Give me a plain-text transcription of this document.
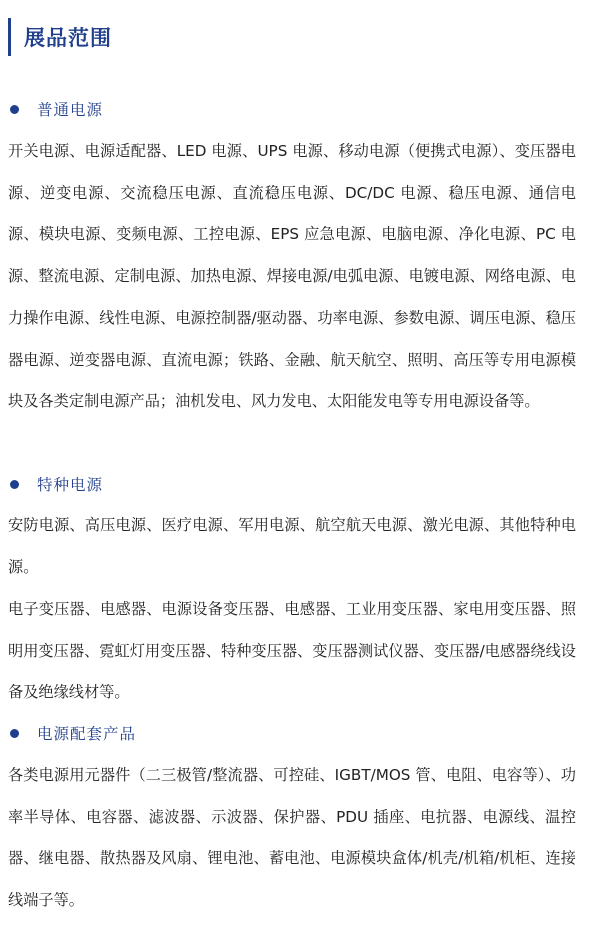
展品范围
普通电源

开关电源、电源适配器、LED 电源、UPS 电源、移动电源（便携式电源）、变压器电源、逆变电源、交流稳压电源、直流稳压电源、DC/DC 电源、稳压电源、通信电源、模块电源、变频电源、工控电源、EPS 应急电源、电脑电源、净化电源、PC 电源、整流电源、定制电源、加热电源、焊接电源/电弧电源、电镀电源、网络电源、电力操作电源、线性电源、电源控制器/驱动器、功率电源、参数电源、调压电源、稳压器电源、逆变器电源、直流电源；铁路、金融、航天航空、照明、高压等专用电源模块及各类定制电源产品；油机发电、风力发电、太阳能发电等专用电源设备等。

特种电源

安防电源、高压电源、医疗电源、军用电源、航空航天电源、激光电源、其他特种电源。

电子变压器、电感器、电源设备变压器、电感器、工业用变压器、家电用变压器、照明用变压器、霓虹灯用变压器、特种变压器、变压器测试仪器、变压器/电感器绕线设备及绝缘线材等。

电源配套产品

各类电源用元器件（二三极管/整流器、可控硅、IGBT/MOS 管、电阻、电容等）、功率半导体、电容器、滤波器、示波器、保护器、PDU 插座、电抗器、电源线、温控器、继电器、散热器及风扇、锂电池、蓄电池、电源模块盒体/机壳/机箱/机柜、连接线端子等。
